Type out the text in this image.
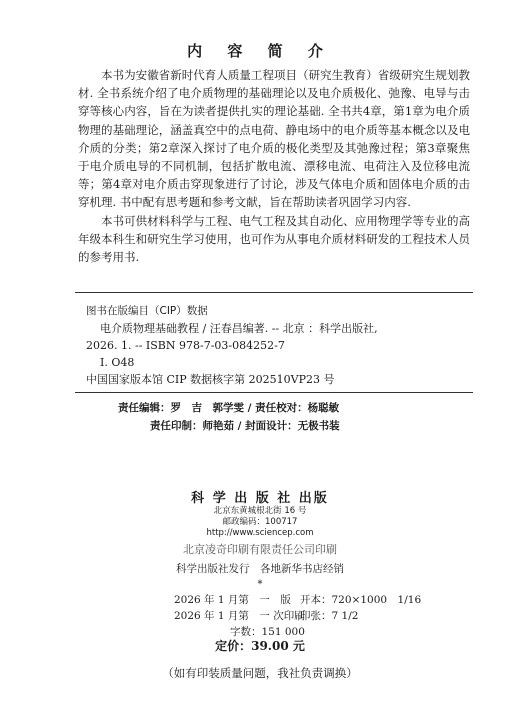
内 容 简 介

本书为安徽省新时代育人质量工程项目（研究生教育）省级研究生规划教材. 全书系统介绍了电介质物理的基础理论以及电介质极化、弛豫、电导与击穿等核心内容，旨在为读者提供扎实的理论基础. 全书共4章，第1章为电介质物理的基础理论，涵盖真空中的点电荷、静电场中的电介质等基本概念以及电介质的分类；第2章深入探讨了电介质的极化类型及其弛豫过程；第3章聚焦于电介质电导的不同机制，包括扩散电流、漂移电流、电荷注入及位移电流等；第4章对电介质击穿现象进行了讨论，涉及气体电介质和固体电介质的击穿机理. 书中配有思考题和参考文献，旨在帮助读者巩固学习内容.

本书可供材料科学与工程、电气工程及其自动化、应用物理学等专业的高年级本科生和研究生学习使用，也可作为从事电介质材料研发的工程技术人员的参考用书.

图书在版编目（CIP）数据
电介质物理基础教程 / 汪春昌编著. -- 北京 ：科学出版社,
2026. 1. -- ISBN 978-7-03-084252-7
Ⅰ. O48
中国国家版本馆 CIP 数据核字第 202510VP23 号
责任编辑：罗　吉　郭学雯 / 责任校对：杨聪敏
责任印制：师艳茹 / 封面设计：无极书装
科 学 出 版 社 出版
北京东黄城根北街 16 号
邮政编码：100717
http://www.sciencep.com
北京凌奇印刷有限责任公司印刷
科学出版社发行　各地新华书店经销
*
2026 年 1 月第　一　版 开本：720×1000　1/16
2026 年 1 月第　一 次印刷
印张：7 1/2
字数：151 000
定价：39.00 元
（如有印装质量问题，我社负责调换）
